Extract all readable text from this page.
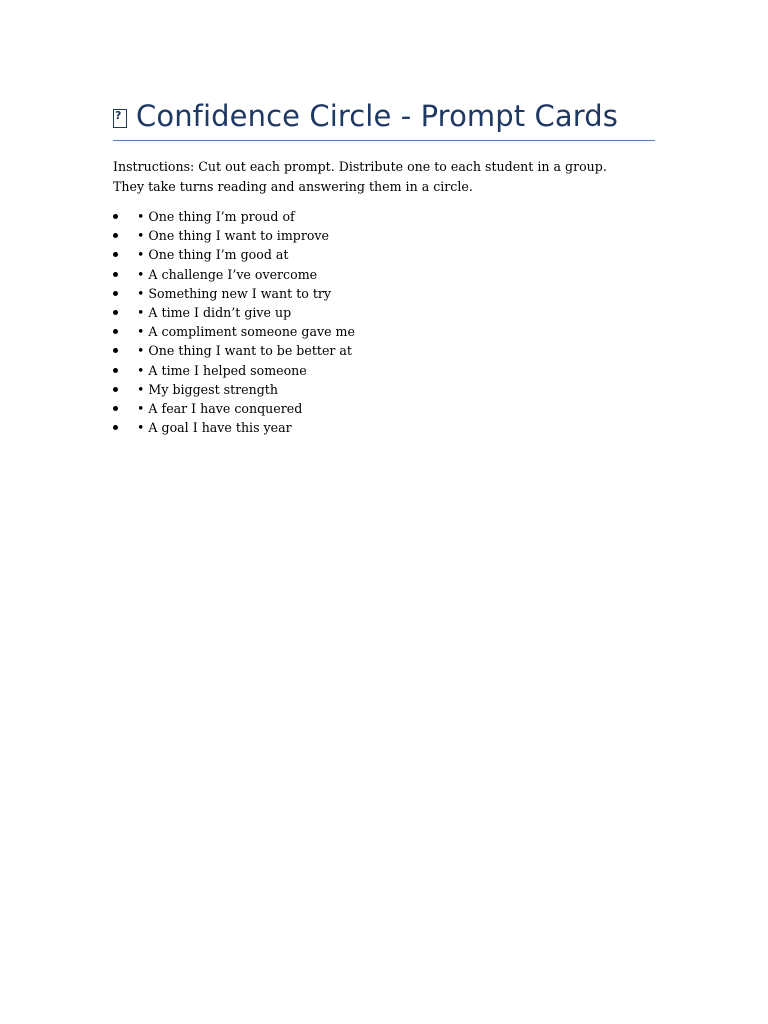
?
Confidence Circle - Prompt Cards
Instructions: Cut out each prompt. Distribute one to each student in a group. They take turns reading and answering them in a circle.
• One thing I’m proud of
• One thing I want to improve
• One thing I’m good at
• A challenge I’ve overcome
• Something new I want to try
• A time I didn’t give up
• A compliment someone gave me
• One thing I want to be better at
• A time I helped someone
• My biggest strength
• A fear I have conquered
• A goal I have this year
